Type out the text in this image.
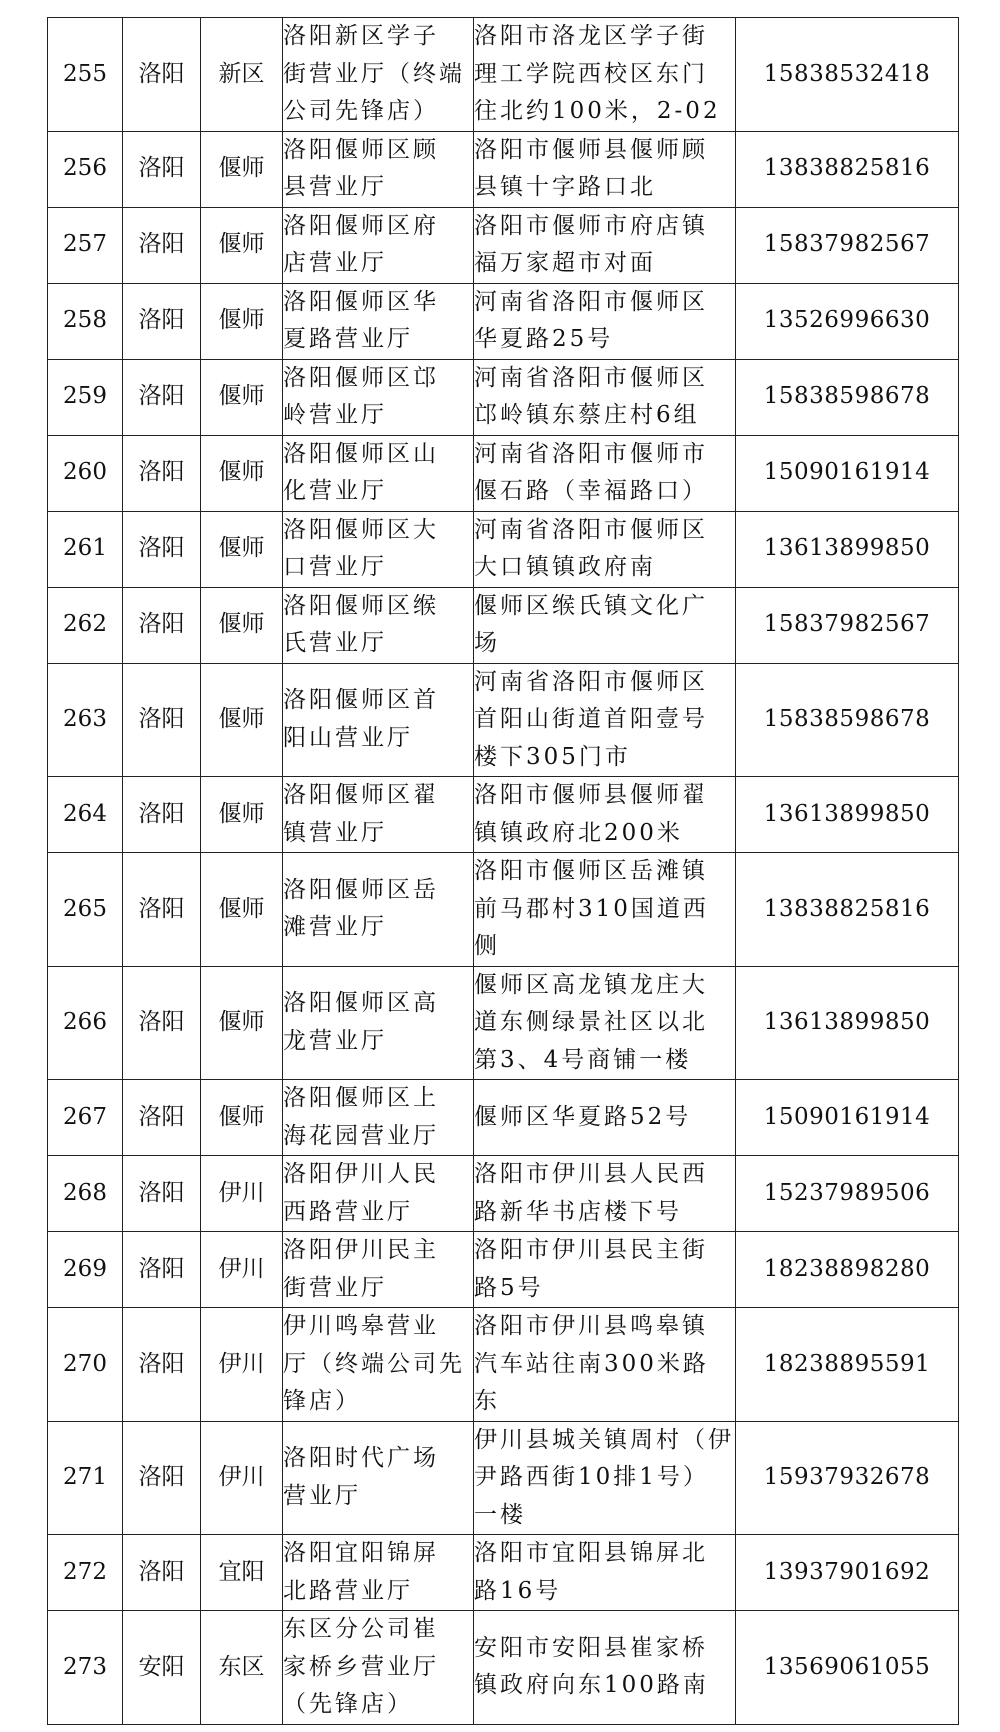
255	洛阳	新区	洛阳新区学子
街营业厅（终端
公司先锋店）	洛阳市洛龙区学子街
理工学院西校区东门
往北约100米，2-02	15838532418
256	洛阳	偃师	洛阳偃师区顾
县营业厅	洛阳市偃师县偃师顾
县镇十字路口北	13838825816
257	洛阳	偃师	洛阳偃师区府
店营业厅	洛阳市偃师市府店镇
福万家超市对面	15837982567
258	洛阳	偃师	洛阳偃师区华
夏路营业厅	河南省洛阳市偃师区
华夏路25号	13526996630
259	洛阳	偃师	洛阳偃师区邙
岭营业厅	河南省洛阳市偃师区
邙岭镇东蔡庄村6组	15838598678
260	洛阳	偃师	洛阳偃师区山
化营业厅	河南省洛阳市偃师市
偃石路（幸福路口）	15090161914
261	洛阳	偃师	洛阳偃师区大
口营业厅	河南省洛阳市偃师区
大口镇镇政府南	13613899850
262	洛阳	偃师	洛阳偃师区缑
氏营业厅	偃师区缑氏镇文化广
场	15837982567
263	洛阳	偃师	洛阳偃师区首
阳山营业厅	河南省洛阳市偃师区
首阳山街道首阳壹号
楼下305门市	15838598678
264	洛阳	偃师	洛阳偃师区翟
镇营业厅	洛阳市偃师县偃师翟
镇镇政府北200米	13613899850
265	洛阳	偃师	洛阳偃师区岳
滩营业厅	洛阳市偃师区岳滩镇
前马郡村310国道西
侧	13838825816
266	洛阳	偃师	洛阳偃师区高
龙营业厅	偃师区高龙镇龙庄大
道东侧绿景社区以北
第3、4号商铺一楼	13613899850
267	洛阳	偃师	洛阳偃师区上
海花园营业厅	偃师区华夏路52号	15090161914
268	洛阳	伊川	洛阳伊川人民
西路营业厅	洛阳市伊川县人民西
路新华书店楼下号	15237989506
269	洛阳	伊川	洛阳伊川民主
街营业厅	洛阳市伊川县民主街
路5号	18238898280
270	洛阳	伊川	伊川鸣皋营业
厅（终端公司先
锋店）	洛阳市伊川县鸣皋镇
汽车站往南300米路
东	18238895591
271	洛阳	伊川	洛阳时代广场
营业厅	伊川县城关镇周村（伊
尹路西街10排1号）
一楼	15937932678
272	洛阳	宜阳	洛阳宜阳锦屏
北路营业厅	洛阳市宜阳县锦屏北
路16号	13937901692
273	安阳	东区	东区分公司崔
家桥乡营业厅
（先锋店）	安阳市安阳县崔家桥
镇政府向东100路南	13569061055
